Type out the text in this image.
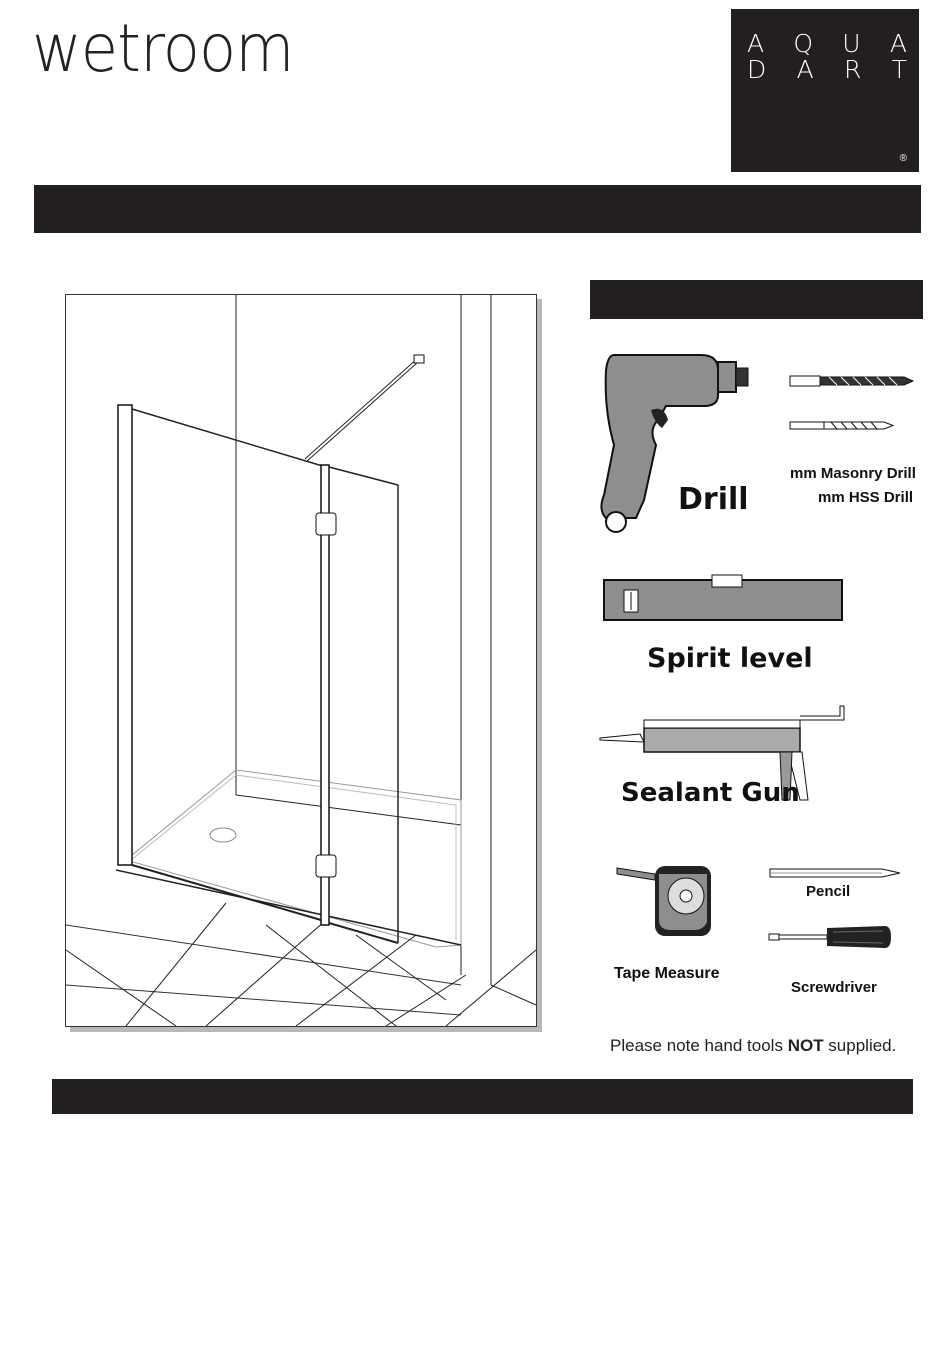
wetroom	A Q U A
D A R T
®
Drill
mm Masonry Drill
mm HSS Drill
Spirit level
Sealant Gun
Tape Measure
Pencil
Screwdriver
Please note hand tools NOT supplied.
